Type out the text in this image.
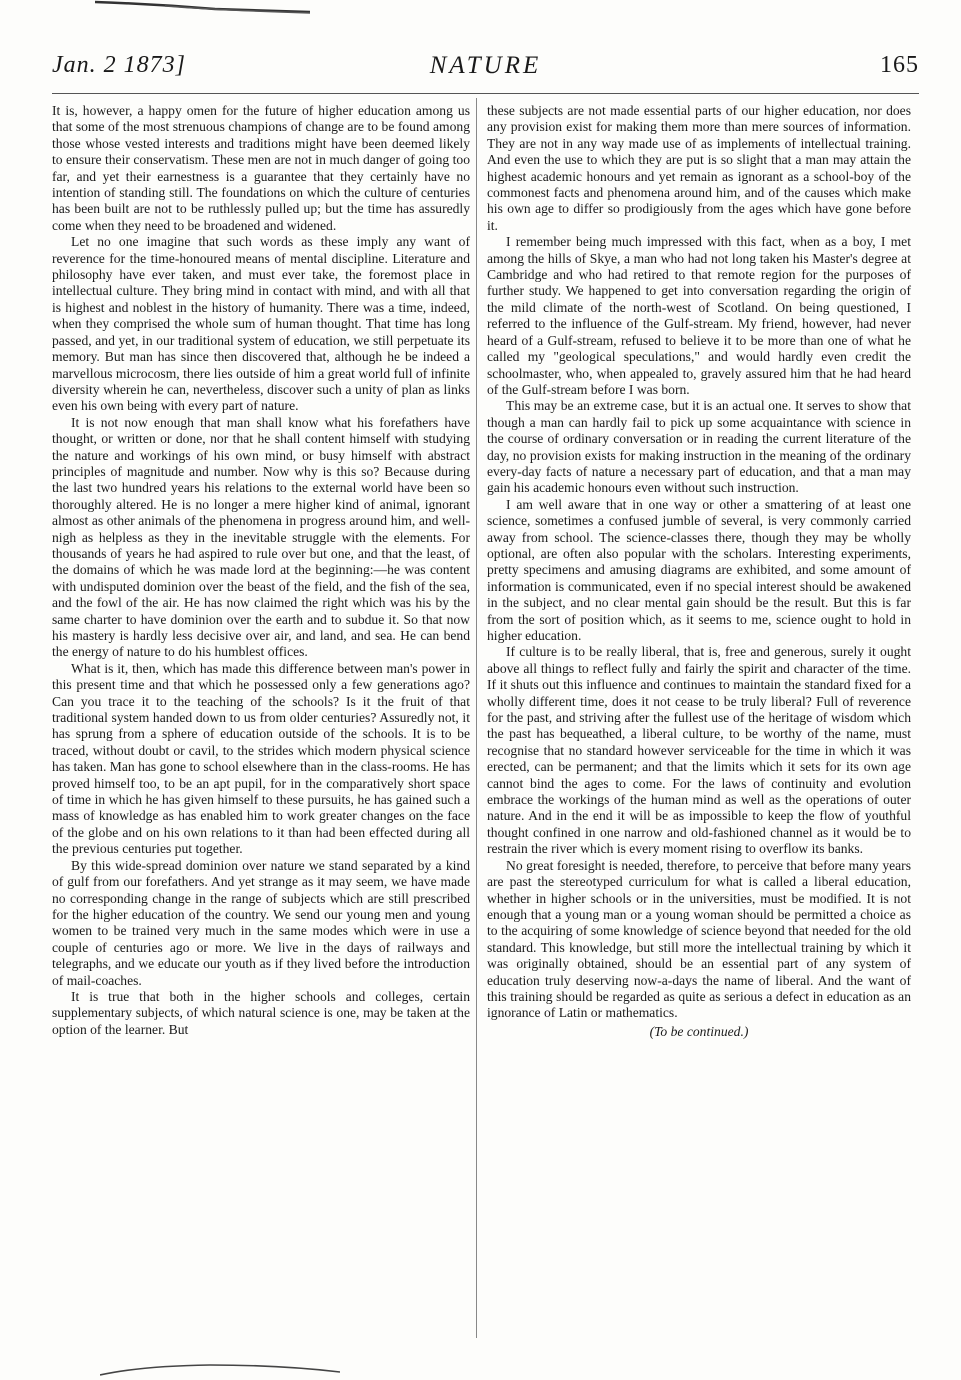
Jan. 2 1873]	NATURE	165

It is, however, a happy omen for the future of higher education among us that some of the most strenuous champions of change are to be found among those whose vested interests and traditions might have been deemed likely to ensure their conservatism. These men are not in much danger of going too far, and yet their earnestness is a guarantee that they certainly have no intention of standing still. The foundations on which the culture of centuries has been built are not to be ruthlessly pulled up; but the time has assuredly come when they need to be broadened and widened.

Let no one imagine that such words as these imply any want of reverence for the time-honoured means of mental discipline. Literature and philosophy have ever taken, and must ever take, the foremost place in intellectual culture. They bring mind in contact with mind, and with all that is highest and noblest in the history of humanity. There was a time, indeed, when they comprised the whole sum of human thought. That time has long passed, and yet, in our traditional system of education, we still perpetuate its memory. But man has since then discovered that, although he be indeed a marvellous microcosm, there lies outside of him a great world full of infinite diversity wherein he can, nevertheless, discover such a unity of plan as links even his own being with every part of nature.

It is not now enough that man shall know what his forefathers have thought, or written or done, nor that he shall content himself with studying the nature and workings of his own mind, or busy himself with abstract principles of magnitude and number. Now why is this so? Because during the last two hundred years his relations to the external world have been so thoroughly altered. He is no longer a mere higher kind of animal, ignorant almost as other animals of the phenomena in progress around him, and well-nigh as helpless as they in the inevitable struggle with the elements. For thousands of years he had aspired to rule over but one, and that the least, of the domains of which he was made lord at the beginning:—he was content with undisputed dominion over the beast of the field, and the fish of the sea, and the fowl of the air. He has now claimed the right which was his by the same charter to have dominion over the earth and to subdue it. So that now his mastery is hardly less decisive over air, and land, and sea. He can bend the energy of nature to do his humblest offices.

What is it, then, which has made this difference between man's power in this present time and that which he possessed only a few generations ago? Can you trace it to the teaching of the schools? Is it the fruit of that traditional system handed down to us from older centuries? Assuredly not, it has sprung from a sphere of education outside of the schools. It is to be traced, without doubt or cavil, to the strides which modern physical science has taken. Man has gone to school elsewhere than in the class-rooms. He has proved himself too, to be an apt pupil, for in the comparatively short space of time in which he has given himself to these pursuits, he has gained such a mass of knowledge as has enabled him to work greater changes on the face of the globe and on his own relations to it than had been effected during all the previous centuries put together.

By this wide-spread dominion over nature we stand separated by a kind of gulf from our forefathers. And yet strange as it may seem, we have made no corresponding change in the range of subjects which are still prescribed for the higher education of the country. We send our young men and young women to be trained very much in the same modes which were in use a couple of centuries ago or more. We live in the days of railways and telegraphs, and we educate our youth as if they lived before the introduction of mail-coaches.

It is true that both in the higher schools and colleges, certain supplementary subjects, of which natural science is one, may be taken at the option of the learner. But

these subjects are not made essential parts of our higher education, nor does any provision exist for making them more than mere sources of information. They are not in any way made use of as implements of intellectual training. And even the use to which they are put is so slight that a man may attain the highest academic honours and yet remain as ignorant as a school-boy of the commonest facts and phenomena around him, and of the causes which make his own age to differ so prodigiously from the ages which have gone before it.

I remember being much impressed with this fact, when as a boy, I met among the hills of Skye, a man who had not long taken his Master's degree at Cambridge and who had retired to that remote region for the purposes of further study. We happened to get into conversation regarding the origin of the mild climate of the north-west of Scotland. On being questioned, I referred to the influence of the Gulf-stream. My friend, however, had never heard of a Gulf-stream, refused to believe it to be more than one of what he called my "geological speculations," and would hardly even credit the schoolmaster, who, when appealed to, gravely assured him that he had heard of the Gulf-stream before I was born.

This may be an extreme case, but it is an actual one. It serves to show that though a man can hardly fail to pick up some acquaintance with science in the course of ordinary conversation or in reading the current literature of the day, no provision exists for making instruction in the meaning of the ordinary every-day facts of nature a necessary part of education, and that a man may gain his academic honours even without such instruction.

I am well aware that in one way or other a smattering of at least one science, sometimes a confused jumble of several, is very commonly carried away from school. The science-classes there, though they may be wholly optional, are often also popular with the scholars. Interesting experiments, pretty specimens and amusing diagrams are exhibited, and some amount of information is communicated, even if no special interest should be awakened in the subject, and no clear mental gain should be the result. But this is far from the sort of position which, as it seems to me, science ought to hold in higher education.

If culture is to be really liberal, that is, free and generous, surely it ought above all things to reflect fully and fairly the spirit and character of the time. If it shuts out this influence and continues to maintain the standard fixed for a wholly different time, does it not cease to be truly liberal? Full of reverence for the past, and striving after the fullest use of the heritage of wisdom which the past has bequeathed, a liberal culture, to be worthy of the name, must recognise that no standard however serviceable for the time in which it was erected, can be permanent; and that the limits which it sets for its own age cannot bind the ages to come. For the laws of continuity and evolution embrace the workings of the human mind as well as the operations of outer nature. And in the end it will be as impossible to keep the flow of youthful thought confined in one narrow and old-fashioned channel as it would be to restrain the river which is every moment rising to overflow its banks.

No great foresight is needed, therefore, to perceive that before many years are past the stereotyped curriculum for what is called a liberal education, whether in higher schools or in the universities, must be modified. It is not enough that a young man or a young woman should be permitted a choice as to the acquiring of some knowledge of science beyond that needed for the old standard. This knowledge, but still more the intellectual training by which it was originally obtained, should be an essential part of any system of education truly deserving now-a-days the name of liberal. And the want of this training should be regarded as quite as serious a defect in education as an ignorance of Latin or mathematics.

(To be continued.)
